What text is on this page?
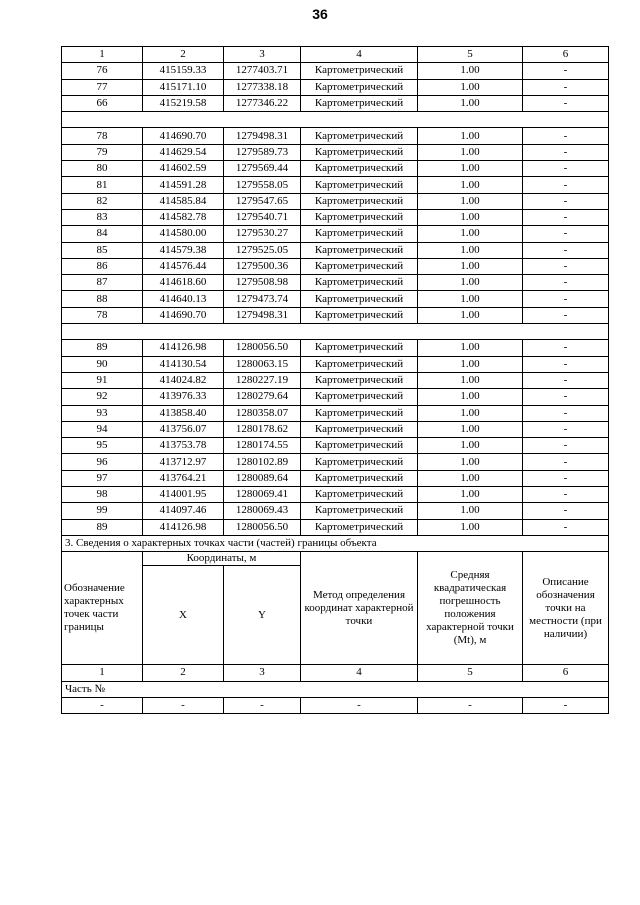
36
1	2	3	4	5	6
76	415159.33	1277403.71	Картометрический	1.00	-
77	415171.10	1277338.18	Картометрический	1.00	-
66	415219.58	1277346.22	Картометрический	1.00	-

78	414690.70	1279498.31	Картометрический	1.00	-
79	414629.54	1279589.73	Картометрический	1.00	-
80	414602.59	1279569.44	Картометрический	1.00	-
81	414591.28	1279558.05	Картометрический	1.00	-
82	414585.84	1279547.65	Картометрический	1.00	-
83	414582.78	1279540.71	Картометрический	1.00	-
84	414580.00	1279530.27	Картометрический	1.00	-
85	414579.38	1279525.05	Картометрический	1.00	-
86	414576.44	1279500.36	Картометрический	1.00	-
87	414618.60	1279508.98	Картометрический	1.00	-
88	414640.13	1279473.74	Картометрический	1.00	-
78	414690.70	1279498.31	Картометрический	1.00	-

89	414126.98	1280056.50	Картометрический	1.00	-
90	414130.54	1280063.15	Картометрический	1.00	-
91	414024.82	1280227.19	Картометрический	1.00	-
92	413976.33	1280279.64	Картометрический	1.00	-
93	413858.40	1280358.07	Картометрический	1.00	-
94	413756.07	1280178.62	Картометрический	1.00	-
95	413753.78	1280174.55	Картометрический	1.00	-
96	413712.97	1280102.89	Картометрический	1.00	-
97	413764.21	1280089.64	Картометрический	1.00	-
98	414001.95	1280069.41	Картометрический	1.00	-
99	414097.46	1280069.43	Картометрический	1.00	-
89	414126.98	1280056.50	Картометрический	1.00	-
3. Сведения о характерных точках части (частей) границы объекта					
Обозначение характерных точек части границы	Координаты, м		Метод определения координат характерной точки	Средняя квадратическая погрешность положения характерной точки (Mt), м	Описание обозначения точки на местности (при наличии)
	X	Y			
1	2	3	4	5	6
Часть №					
-	-	-	-	-	-
